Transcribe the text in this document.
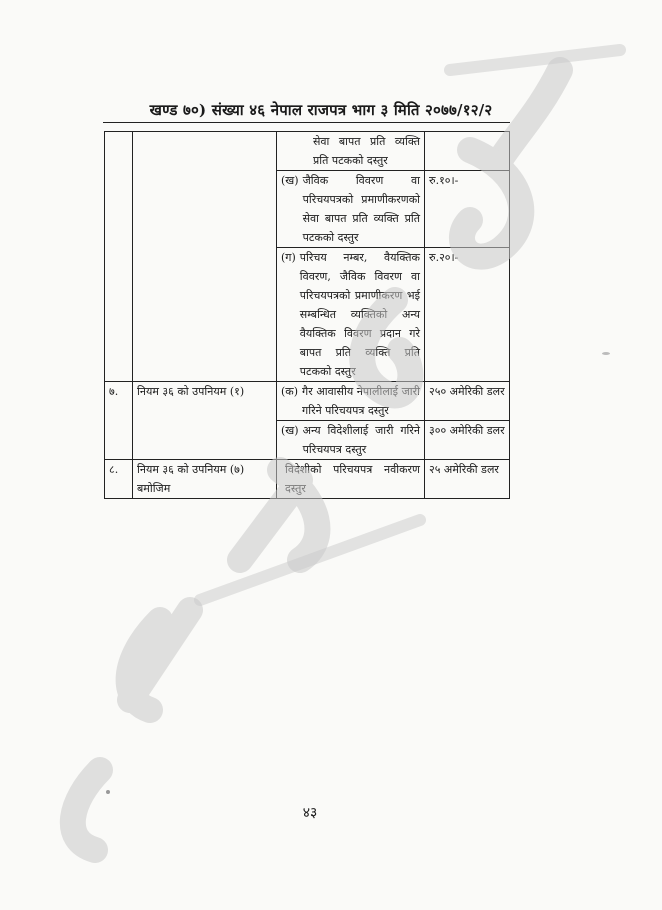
खण्ड ७०) संख्या ४६ नेपाल राजपत्र भाग ३ मिति २०७७/१२/२

		सेवा बापत प्रति व्यक्ति प्रति पटकको दस्तुर	

		(ख) जैविक विवरण वा परिचयपत्रको प्रमाणीकरणको सेवा बापत प्रति व्यक्ति प्रति पटकको दस्तुर	रु.१०।-

		(ग) परिचय नम्बर, वैयक्तिक विवरण, जैविक विवरण वा परिचयपत्रको प्रमाणीकरण भई सम्बन्धित व्यक्तिको अन्य वैयक्तिक विवरण प्रदान गरे बापत प्रति व्यक्ति प्रति पटकको दस्तुर	रु.२०।-
७.	नियम ३६ को उपनियम (१)	(क) गैर आवासीय नेपालीलाई जारी गरिने परिचयपत्र दस्तुर	२५० अमेरिकी डलर

		(ख) अन्य विदेशीलाई जारी गरिने परिचयपत्र दस्तुर	३०० अमेरिकी डलर
८.	नियम ३६ को उपनियम (७) बमोजिम	विदेशीको परिचयपत्र नवीकरण दस्तुर	२५ अमेरिकी डलर
४३
